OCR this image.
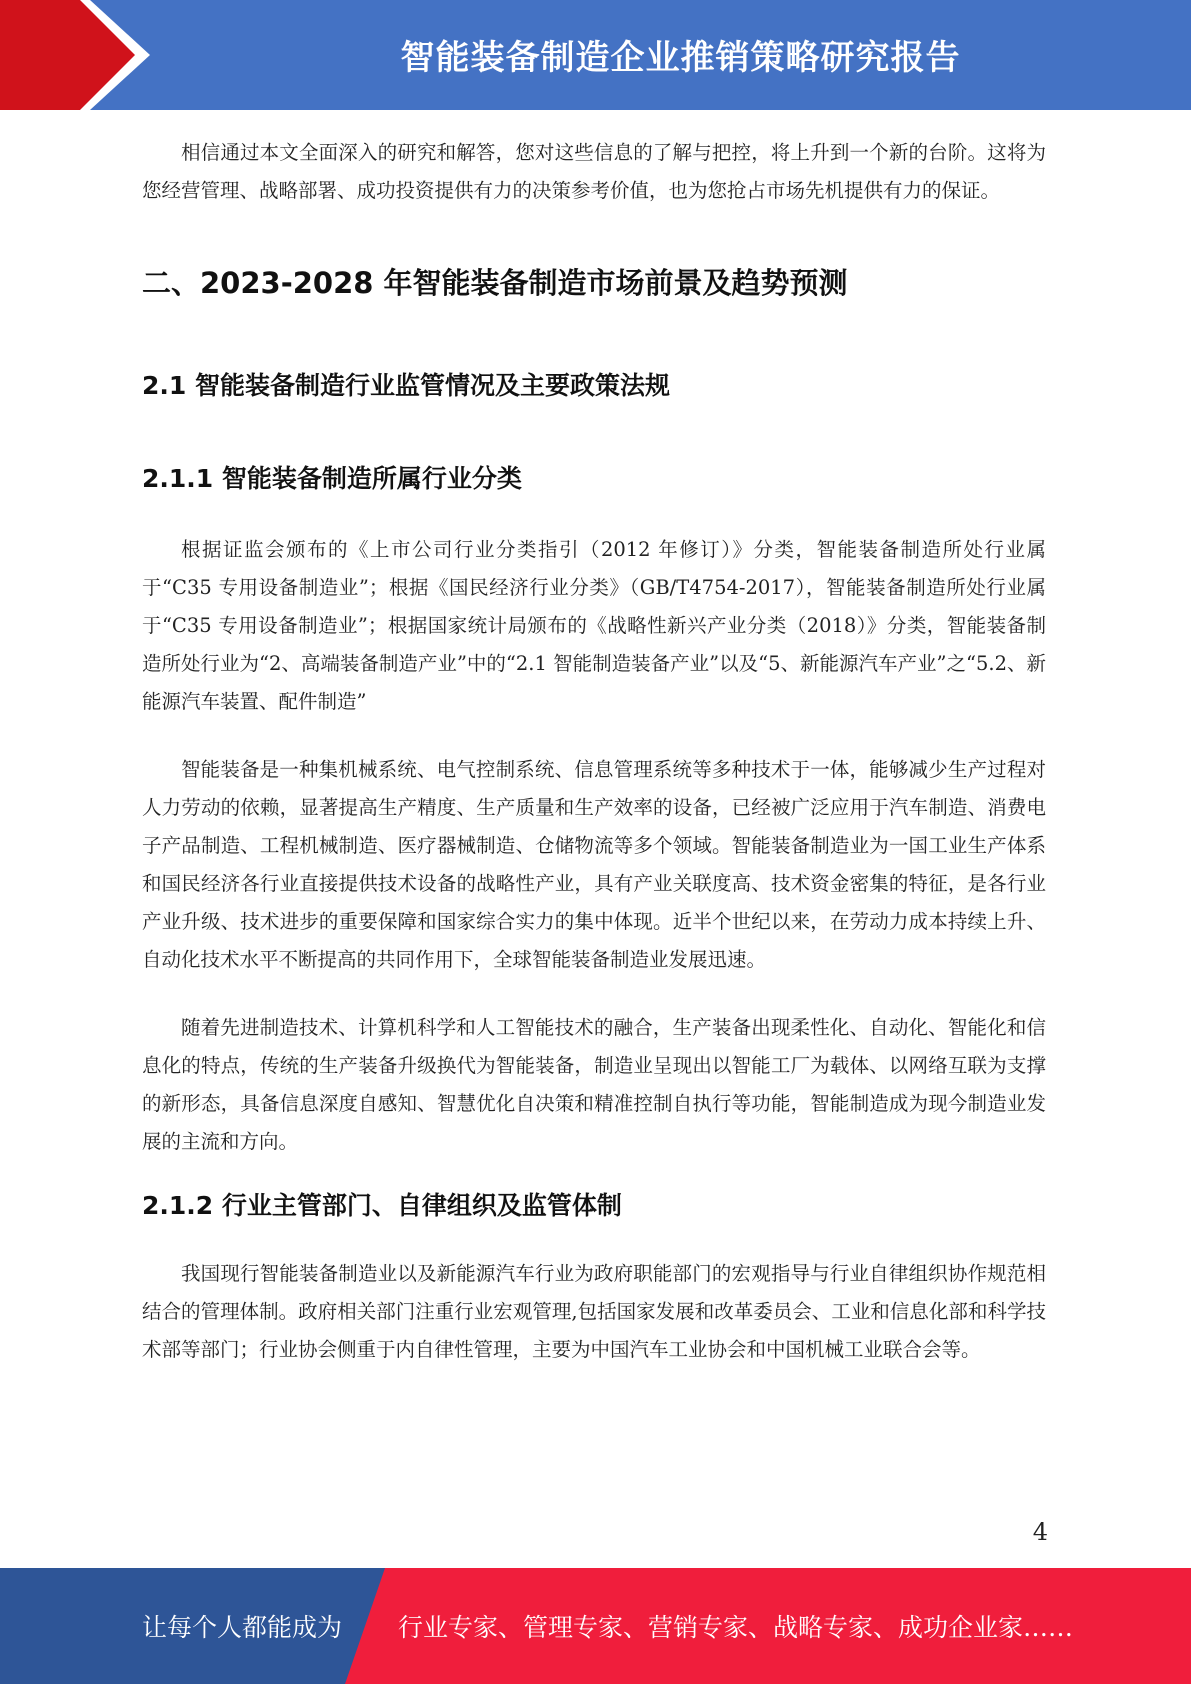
智能装备制造企业推销策略研究报告

相信通过本文全面深入的研究和解答，您对这些信息的了解与把控，将上升到一个新的台阶。这将为您经营管理、战略部署、成功投资提供有力的决策参考价值，也为您抢占市场先机提供有力的保证。

二、2023-2028 年智能装备制造市场前景及趋势预测
2.1 智能装备制造行业监管情况及主要政策法规
2.1.1 智能装备制造所属行业分类

根据证监会颁布的《上市公司行业分类指引（2012 年修订）》分类，智能装备制造所处行业属于“C35 专用设备制造业”；根据《国民经济行业分类》（GB/T4754-2017），智能装备制造所处行业属于“C35 专用设备制造业”；根据国家统计局颁布的《战略性新兴产业分类（2018）》分类，智能装备制造所处行业为“2、高端装备制造产业”中的“2.1 智能制造装备产业”以及“5、新能源汽车产业”之“5.2、新能源汽车装置、配件制造”

智能装备是一种集机械系统、电气控制系统、信息管理系统等多种技术于一体，能够减少生产过程对人力劳动的依赖，显著提高生产精度、生产质量和生产效率的设备，已经被广泛应用于汽车制造、消费电子产品制造、工程机械制造、医疗器械制造、仓储物流等多个领域。智能装备制造业为一国工业生产体系和国民经济各行业直接提供技术设备的战略性产业，具有产业关联度高、技术资金密集的特征，是各行业产业升级、技术进步的重要保障和国家综合实力的集中体现。近半个世纪以来，在劳动力成本持续上升、自动化技术水平不断提高的共同作用下，全球智能装备制造业发展迅速。

随着先进制造技术、计算机科学和人工智能技术的融合，生产装备出现柔性化、自动化、智能化和信息化的特点，传统的生产装备升级换代为智能装备，制造业呈现出以智能工厂为载体、以网络互联为支撑的新形态，具备信息深度自感知、智慧优化自决策和精准控制自执行等功能，智能制造成为现今制造业发展的主流和方向。

2.1.2 行业主管部门、自律组织及监管体制

我国现行智能装备制造业以及新能源汽车行业为政府职能部门的宏观指导与行业自律组织协作规范相结合的管理体制。政府相关部门注重行业宏观管理,包括国家发展和改革委员会、工业和信息化部和科学技术部等部门；行业协会侧重于内自律性管理，主要为中国汽车工业协会和中国机械工业联合会等。

4
让每个人都能成为 行业专家、管理专家、营销专家、战略专家、成功企业家……
